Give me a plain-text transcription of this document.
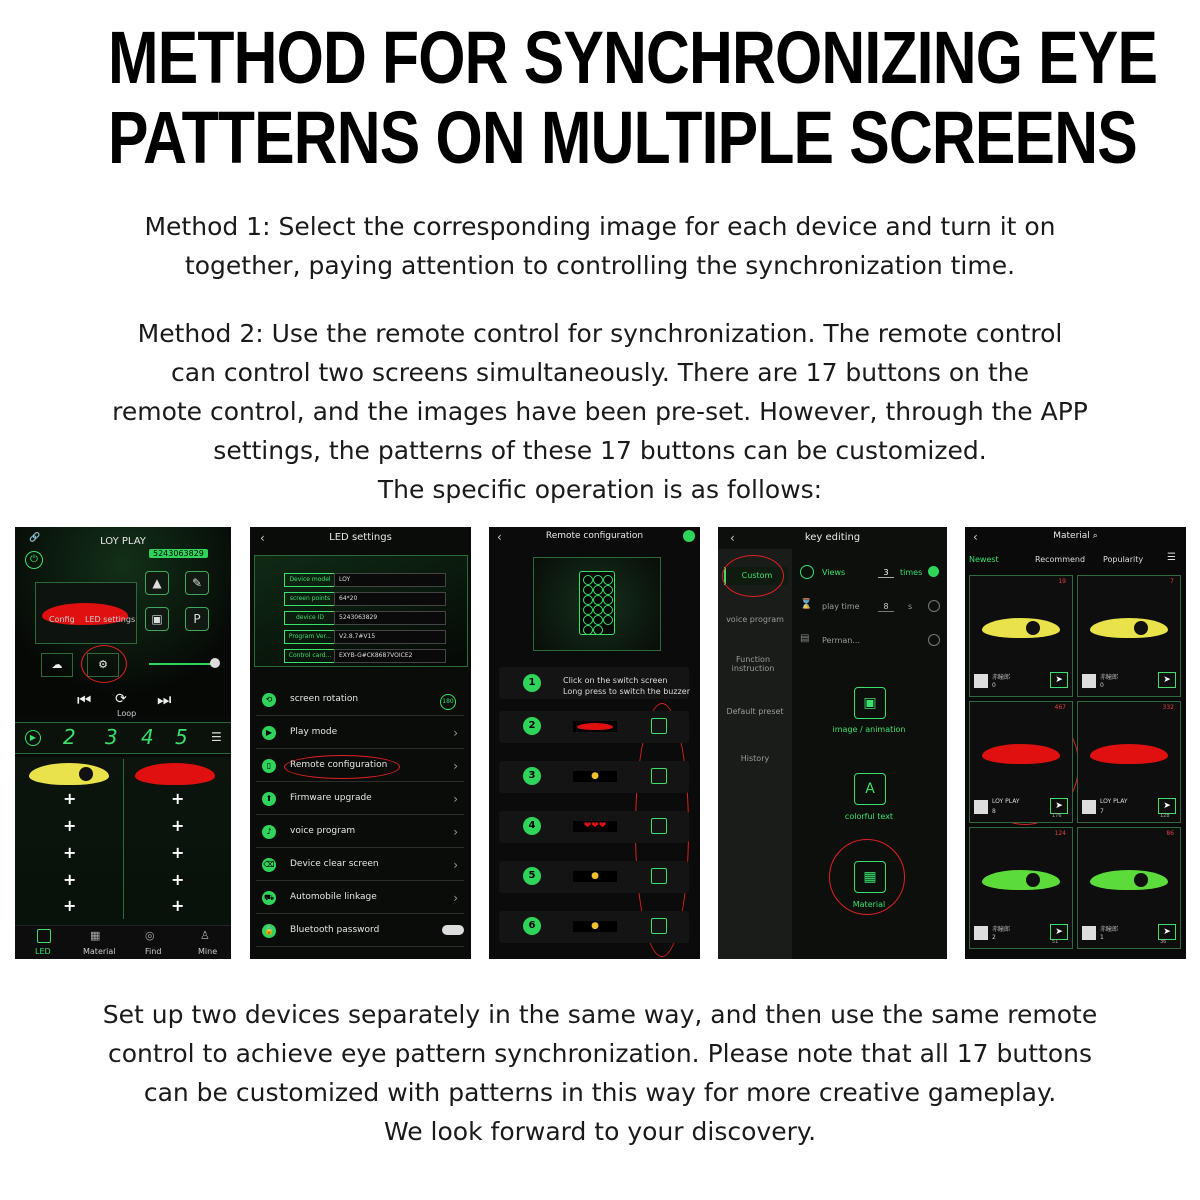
METHOD FOR SYNCHRONIZING EYE
PATTERNS ON MULTIPLE SCREENS
Method 1: Select the corresponding image for each device and turn it on
together, paying attention to controlling the synchronization time.
Method 2: Use the remote control for synchronization. The remote control
can control two screens simultaneously. There are 17 buttons on the
remote control, and the images have been pre-set. However, through the APP
settings, the patterns of these 17 buttons can be customized.
The specific operation is as follows:
🔗	LOY PLAY
5243063829
⏻
▲	✎
▣	P
Config LED settings
☁	⚙
⏮ ⟳
Loop
⏭
▶ 2 3 4 5 ☰
+	+
+	+
+	+
+	+
+	+
LED
▦
Material
◎
Find
♙
Mine
‹	LED settings
180
Device model	LOY
screen points	64*20
device ID	5243063829
Program Ver...	V2.8.7#V15
Control card...	EXYB-G#CK8687VOICE2
⟲	screen rotation
▶	Play mode	›
▯	Remote configuration	›
⬆	Firmware upgrade	›
♪	voice program	›
⌫ Device clear screen	›
⛟ Automobile linkage	›
🔒 Bluetooth password
‹	Remote configuration
1	Click on the switch screen
Long press to switch the buzzer
2
3	●
4	❤❤❤
5	●
6	●
‹	key editing
Custom
voice program
Function instruction
Default preset
History
Views	3	times
⌛ play time	8	s
▤ Perman...
▣
image / animation
A
colorful text
▦
Material
‹	Material ⌕
Newest	Recommend Popularity ☰
19
赤瞳郎
0
➤
7
赤瞳郎
0
➤
467
LOY PLAY
8
➤
176
332
LOY PLAY
7
➤
128
124
赤瞳郎
2
➤
51
86
赤瞳郎
1
➤
36
Set up two devices separately in the same way, and then use the same remote
control to achieve eye pattern synchronization. Please note that all 17 buttons
can be customized with patterns in this way for more creative gameplay.
We look forward to your discovery.
